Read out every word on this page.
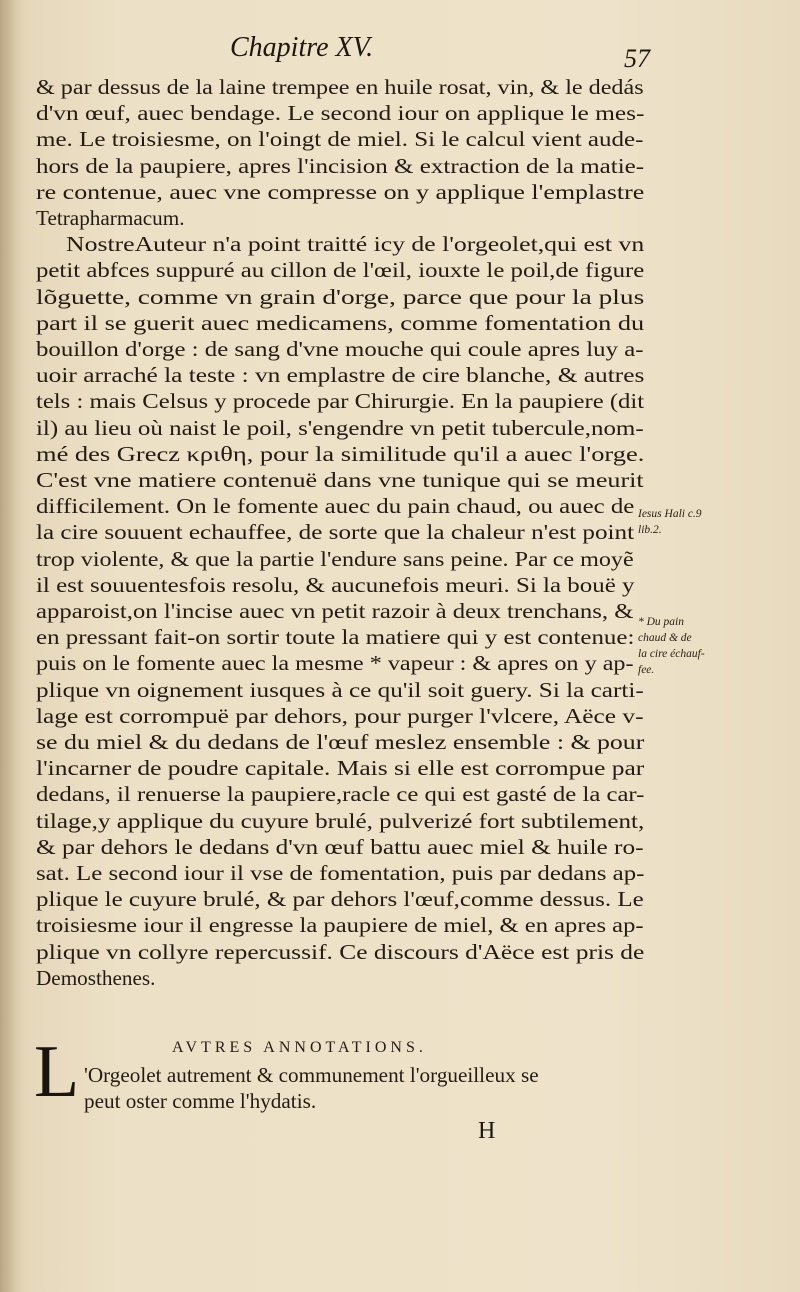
Chapitre XV.	57
& par dessus de la laine trempee en huile rosat, vin, & le dedás
d'vn œuf, auec bendage. Le second iour on applique le mes-
me. Le troisiesme, on l'oingt de miel. Si le calcul vient aude-
hors de la paupiere, apres l'incision & extraction de la matie-
re contenue, auec vne compresse on y applique l'emplastre
Tetrapharmacum.
NostreAuteur n'a point traitté icy de l'orgeolet,qui est vn
petit abfces suppuré au cillon de l'œil, iouxte le poil,de figure
lõguette, comme vn grain d'orge, parce que pour la plus
part il se guerit auec medicamens, comme fomentation du
bouillon d'orge : de sang d'vne mouche qui coule apres luy a-
uoir arraché la teste : vn emplastre de cire blanche, & autres
tels : mais Celsus y procede par Chirurgie. En la paupiere (dit
il) au lieu où naist le poil, s'engendre vn petit tubercule,nom-
mé des Grecz κριθη, pour la similitude qu'il a auec l'orge.
C'est vne matiere contenuë dans vne tunique qui se meurit
difficilement. On le fomente auec du pain chaud, ou auec de
la cire souuent echauffee, de sorte que la chaleur n'est point
trop violente, & que la partie l'endure sans peine. Par ce moyẽ
il est souuentesfois resolu, & aucunefois meuri. Si la bouë y
apparoist,on l'incise auec vn petit razoir à deux trenchans, &
en pressant fait-on sortir toute la matiere qui y est contenue:
puis on le fomente auec la mesme * vapeur : & apres on y ap-
plique vn oignement iusques à ce qu'il soit guery. Si la carti-
lage est corrompuë par dehors, pour purger l'vlcere, Aëce v-
se du miel & du dedans de l'œuf meslez ensemble : & pour
l'incarner de poudre capitale. Mais si elle est corrompue par
dedans, il renuerse la paupiere,racle ce qui est gasté de la car-
tilage,y applique du cuyure brulé, pulverizé fort subtilement,
& par dehors le dedans d'vn œuf battu auec miel & huile ro-
sat. Le second iour il vse de fomentation, puis par dedans ap-
plique le cuyure brulé, & par dehors l'œuf,comme dessus. Le
troisiesme iour il engresse la paupiere de miel, & en apres ap-
plique vn collyre repercussif. Ce discours d'Aëce est pris de
Demosthenes.
Iesus Hali c.9
lib.2.
* Du pain
chaud & de
la cire échauf-
fee.
AVTRES ANNOTATIONS.
L 'Orgeolet autrement & communement l'orgueilleux se
peut oster comme l'hydatis.
H
